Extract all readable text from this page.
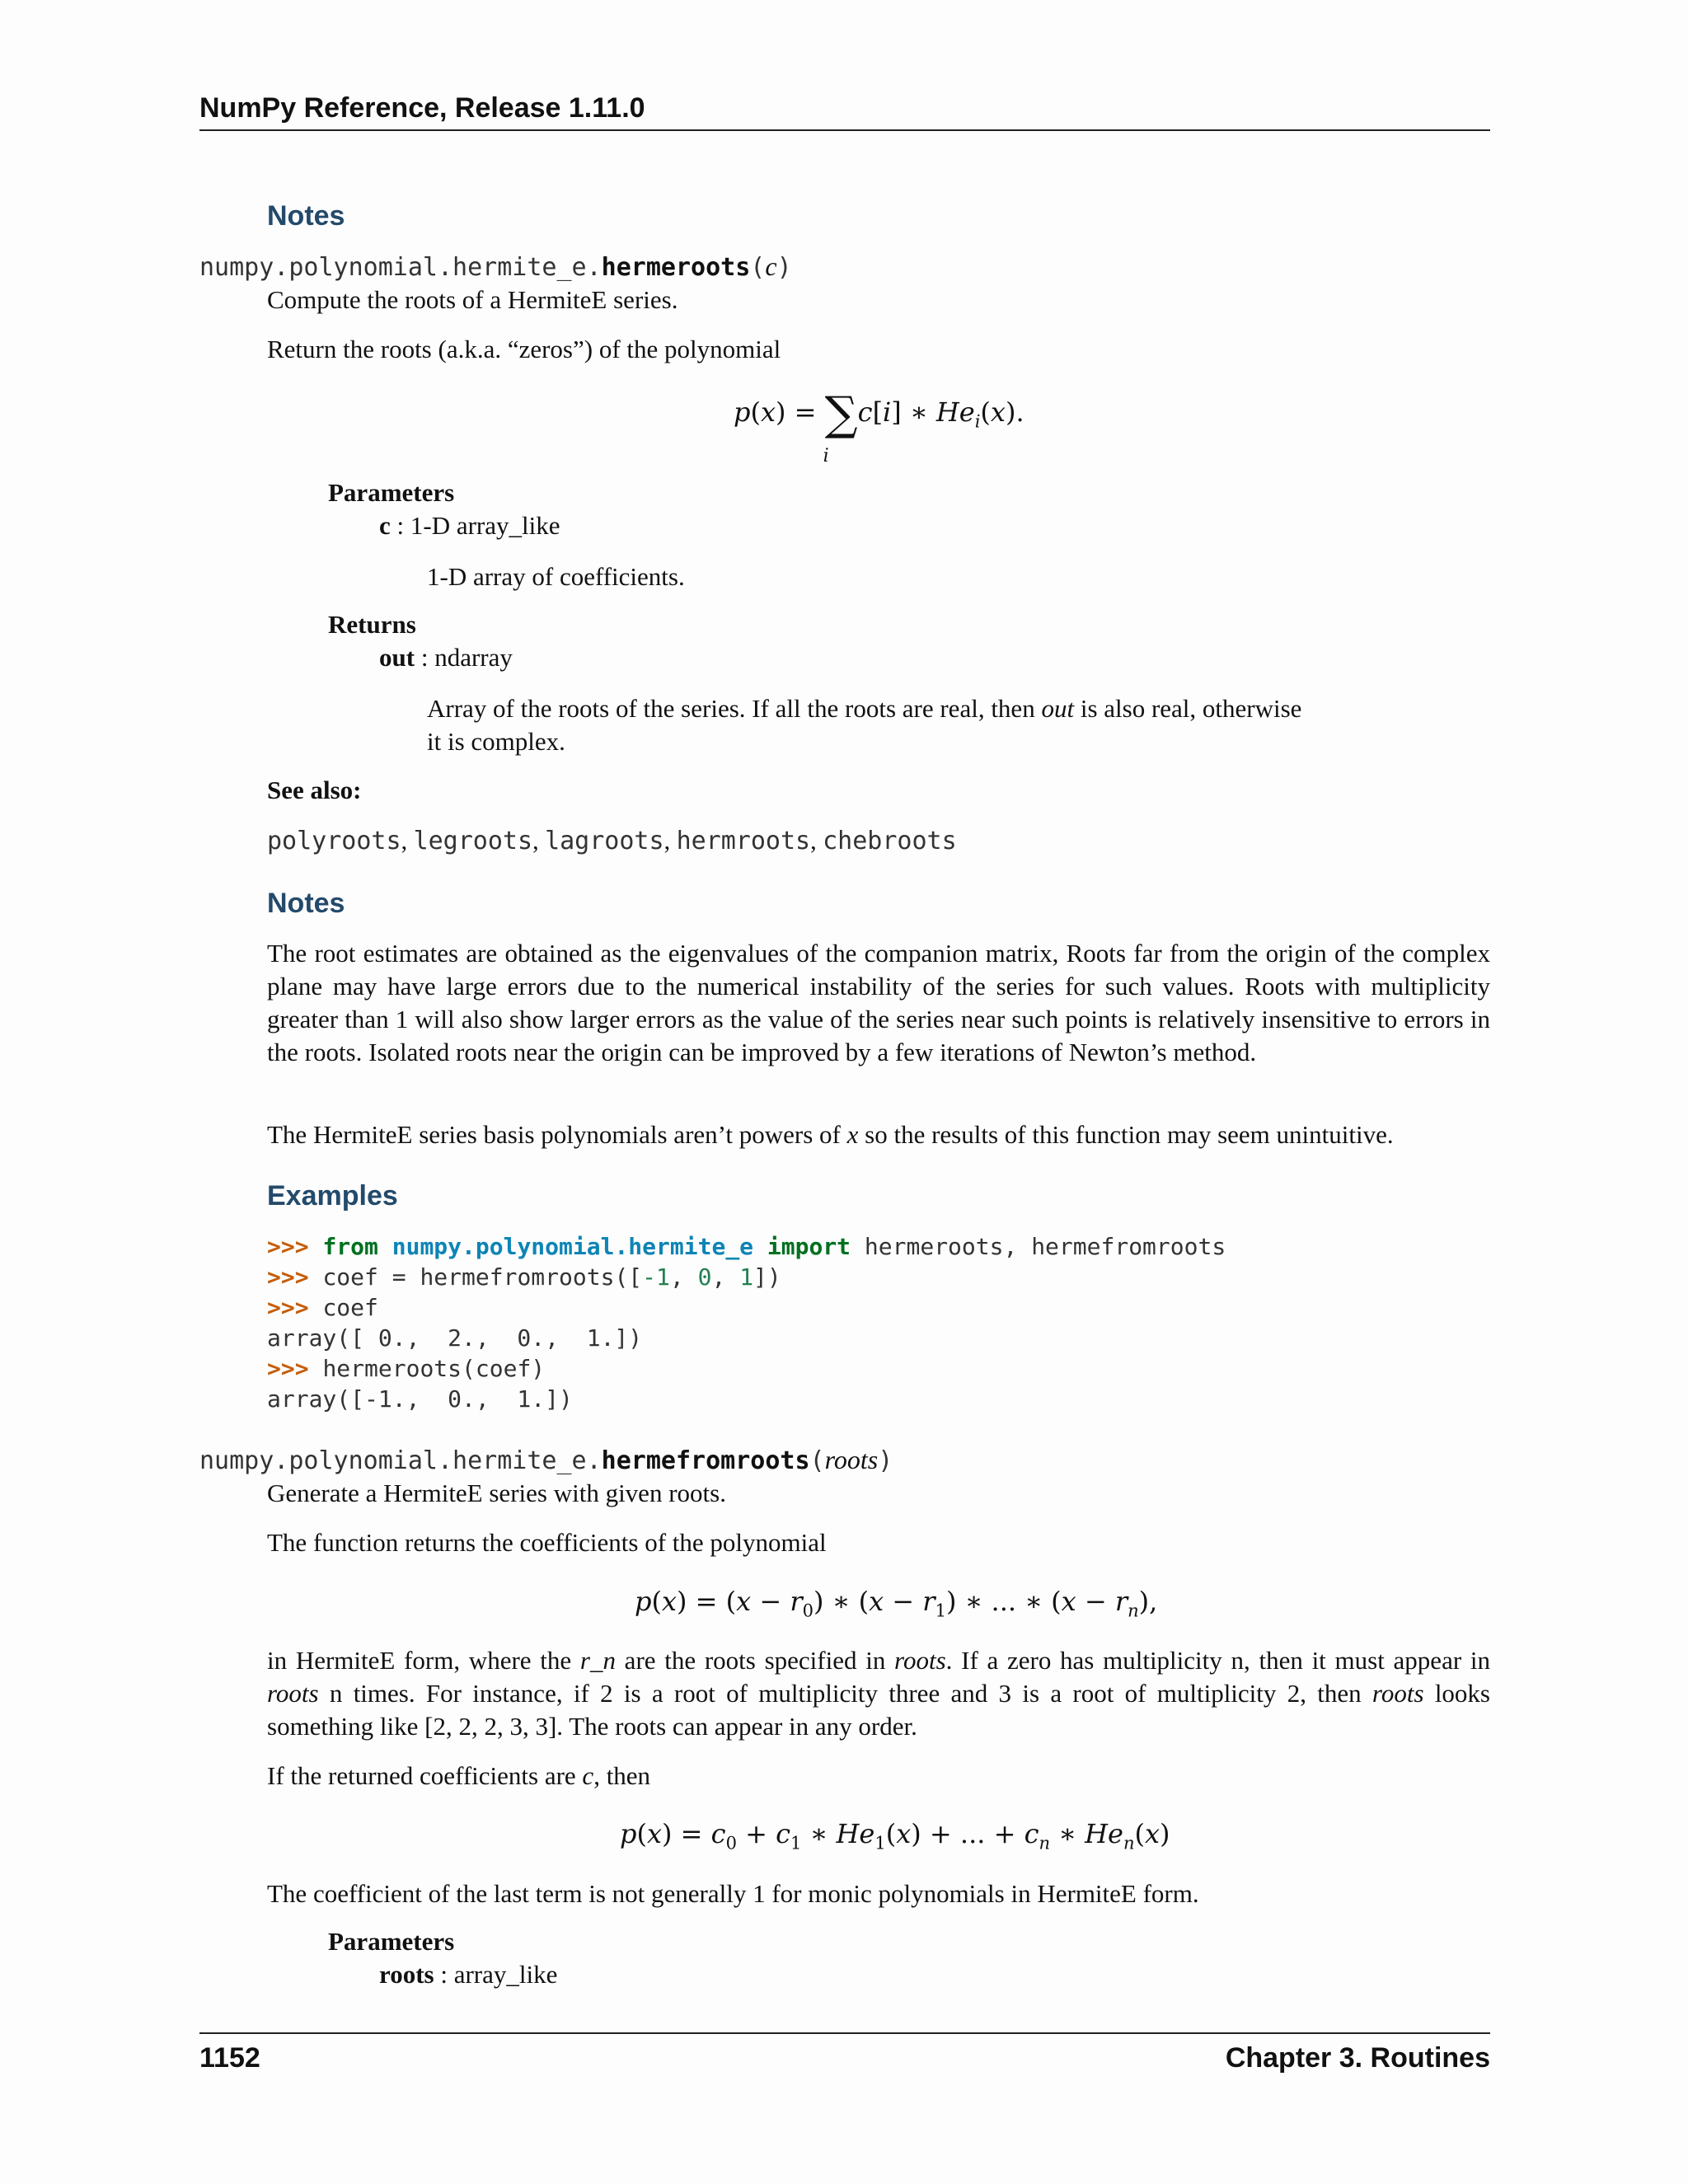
NumPy Reference, Release 1.11.0
Notes
numpy.polynomial.hermite_e.hermeroots(c)
Compute the roots of a HermiteE series.
Return the roots (a.k.a. “zeros”) of the polynomial
p(x) = ∑
i
c[i] ∗ $He_i(x)$.
Parameters
c : 1-D array_like
1-D array of coefficients.
Returns
out : ndarray
Array of the roots of the series. If all the roots are real, then out is also real, otherwise
it is complex.
See also:
polyroots, legroots, lagroots, hermroots, chebroots
Notes
The root estimates are obtained as the eigenvalues of the companion matrix, Roots far from the origin of the complex plane may have large errors due to the numerical instability of the series for such values. Roots with multiplicity greater than 1 will also show larger errors as the value of the series near such points is relatively insensitive to errors in the roots. Isolated roots near the origin can be improved by a few iterations of Newton’s method.
The HermiteE series basis polynomials aren’t powers of x so the results of this function may seem unintuitive.
Examples
>>> from numpy.polynomial.hermite_e import hermeroots, hermefromroots
>>> coef = hermefromroots([-1, 0, 1])
>>> coef
array([ 0.,  2.,  0.,  1.])
>>> hermeroots(coef)
array([-1.,  0.,  1.])
numpy.polynomial.hermite_e.hermefromroots(roots)
Generate a HermiteE series with given roots.
The function returns the coefficients of the polynomial
$p(x) = (x - r_0)$ ∗ $(x - r_1)$ ∗ ... ∗ $(x - r_n)$,
in HermiteE form, where the r_n are the roots specified in roots. If a zero has multiplicity n, then it must appear in roots n times. For instance, if 2 is a root of multiplicity three and 3 is a root of multiplicity 2, then roots looks something like [2, 2, 2, 3, 3]. The roots can appear in any order.
If the returned coefficients are c, then
$p(x) = c_0 + c_1$ ∗ $He_1(x)$ + ... + $c_n$ ∗ $He_n(x)$
The coefficient of the last term is not generally 1 for monic polynomials in HermiteE form.
Parameters
roots : array_like
1152	Chapter 3. Routines
